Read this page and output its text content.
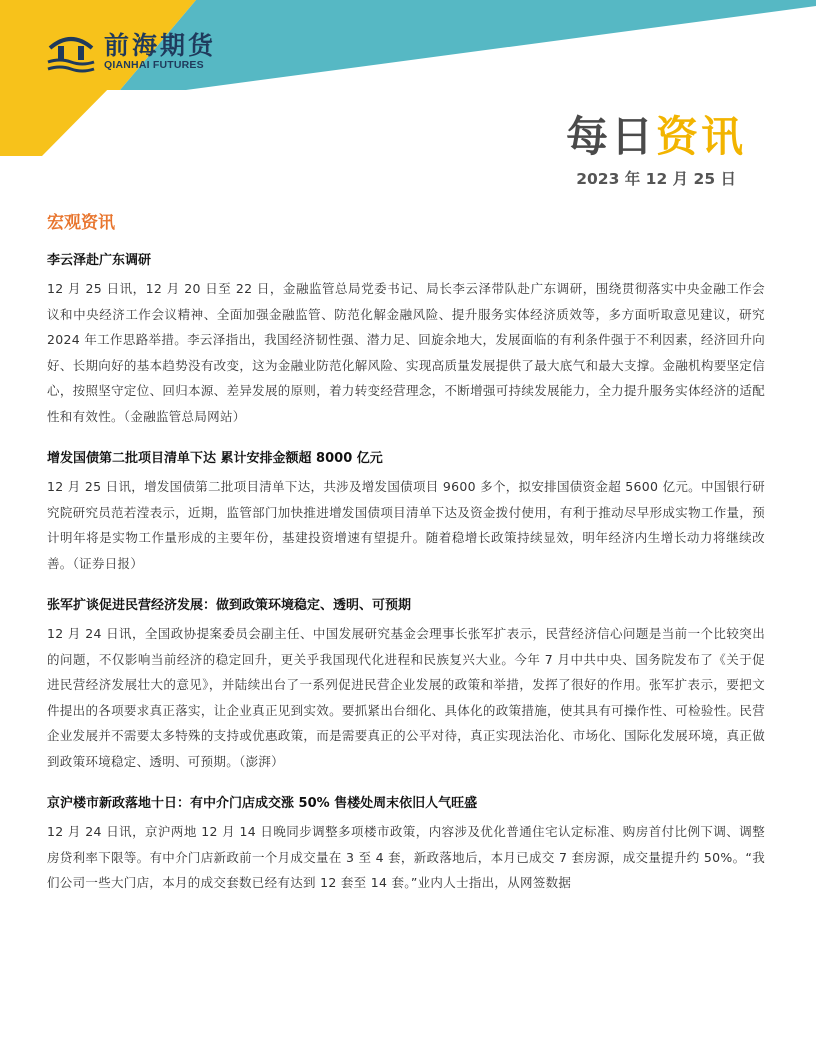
前海期货
QIANHAI FUTURES
每日资讯
2023 年 12 月 25 日
宏观资讯
李云泽赴广东调研

12 月 25 日讯，12 月 20 日至 22 日，金融监管总局党委书记、局长李云泽带队赴广东调研，围绕贯彻落实中央金融工作会议和中央经济工作会议精神、全面加强金融监管、防范化解金融风险、提升服务实体经济质效等，多方面听取意见建议，研究 2024 年工作思路举措。李云泽指出，我国经济韧性强、潜力足、回旋余地大，发展面临的有利条件强于不利因素，经济回升向好、长期向好的基本趋势没有改变，这为金融业防范化解风险、实现高质量发展提供了最大底气和最大支撑。金融机构要坚定信心，按照坚守定位、回归本源、差异发展的原则，着力转变经营理念，不断增强可持续发展能力，全力提升服务实体经济的适配性和有效性。（金融监管总局网站）

增发国债第二批项目清单下达 累计安排金额超 8000 亿元

12 月 25 日讯，增发国债第二批项目清单下达，共涉及增发国债项目 9600 多个，拟安排国债资金超 5600 亿元。中国银行研究院研究员范若滢表示，近期，监管部门加快推进增发国债项目清单下达及资金拨付使用，有利于推动尽早形成实物工作量，预计明年将是实物工作量形成的主要年份，基建投资增速有望提升。随着稳增长政策持续显效，明年经济内生增长动力将继续改善。（证券日报）

张军扩谈促进民营经济发展：做到政策环境稳定、透明、可预期

12 月 24 日讯，全国政协提案委员会副主任、中国发展研究基金会理事长张军扩表示，民营经济信心问题是当前一个比较突出的问题，不仅影响当前经济的稳定回升，更关乎我国现代化进程和民族复兴大业。今年 7 月中共中央、国务院发布了《关于促进民营经济发展壮大的意见》，并陆续出台了一系列促进民营企业发展的政策和举措，发挥了很好的作用。张军扩表示，要把文件提出的各项要求真正落实，让企业真正见到实效。要抓紧出台细化、具体化的政策措施，使其具有可操作性、可检验性。民营企业发展并不需要太多特殊的支持或优惠政策，而是需要真正的公平对待，真正实现法治化、市场化、国际化发展环境，真正做到政策环境稳定、透明、可预期。（澎湃）

京沪楼市新政落地十日：有中介门店成交涨 50% 售楼处周末依旧人气旺盛

12 月 24 日讯，京沪两地 12 月 14 日晚同步调整多项楼市政策，内容涉及优化普通住宅认定标准、购房首付比例下调、调整房贷利率下限等。有中介门店新政前一个月成交量在 3 至 4 套，新政落地后，本月已成交 7 套房源，成交量提升约 50%。“我们公司一些大门店，本月的成交套数已经有达到 12 套至 14 套。”业内人士指出，从网签数据
